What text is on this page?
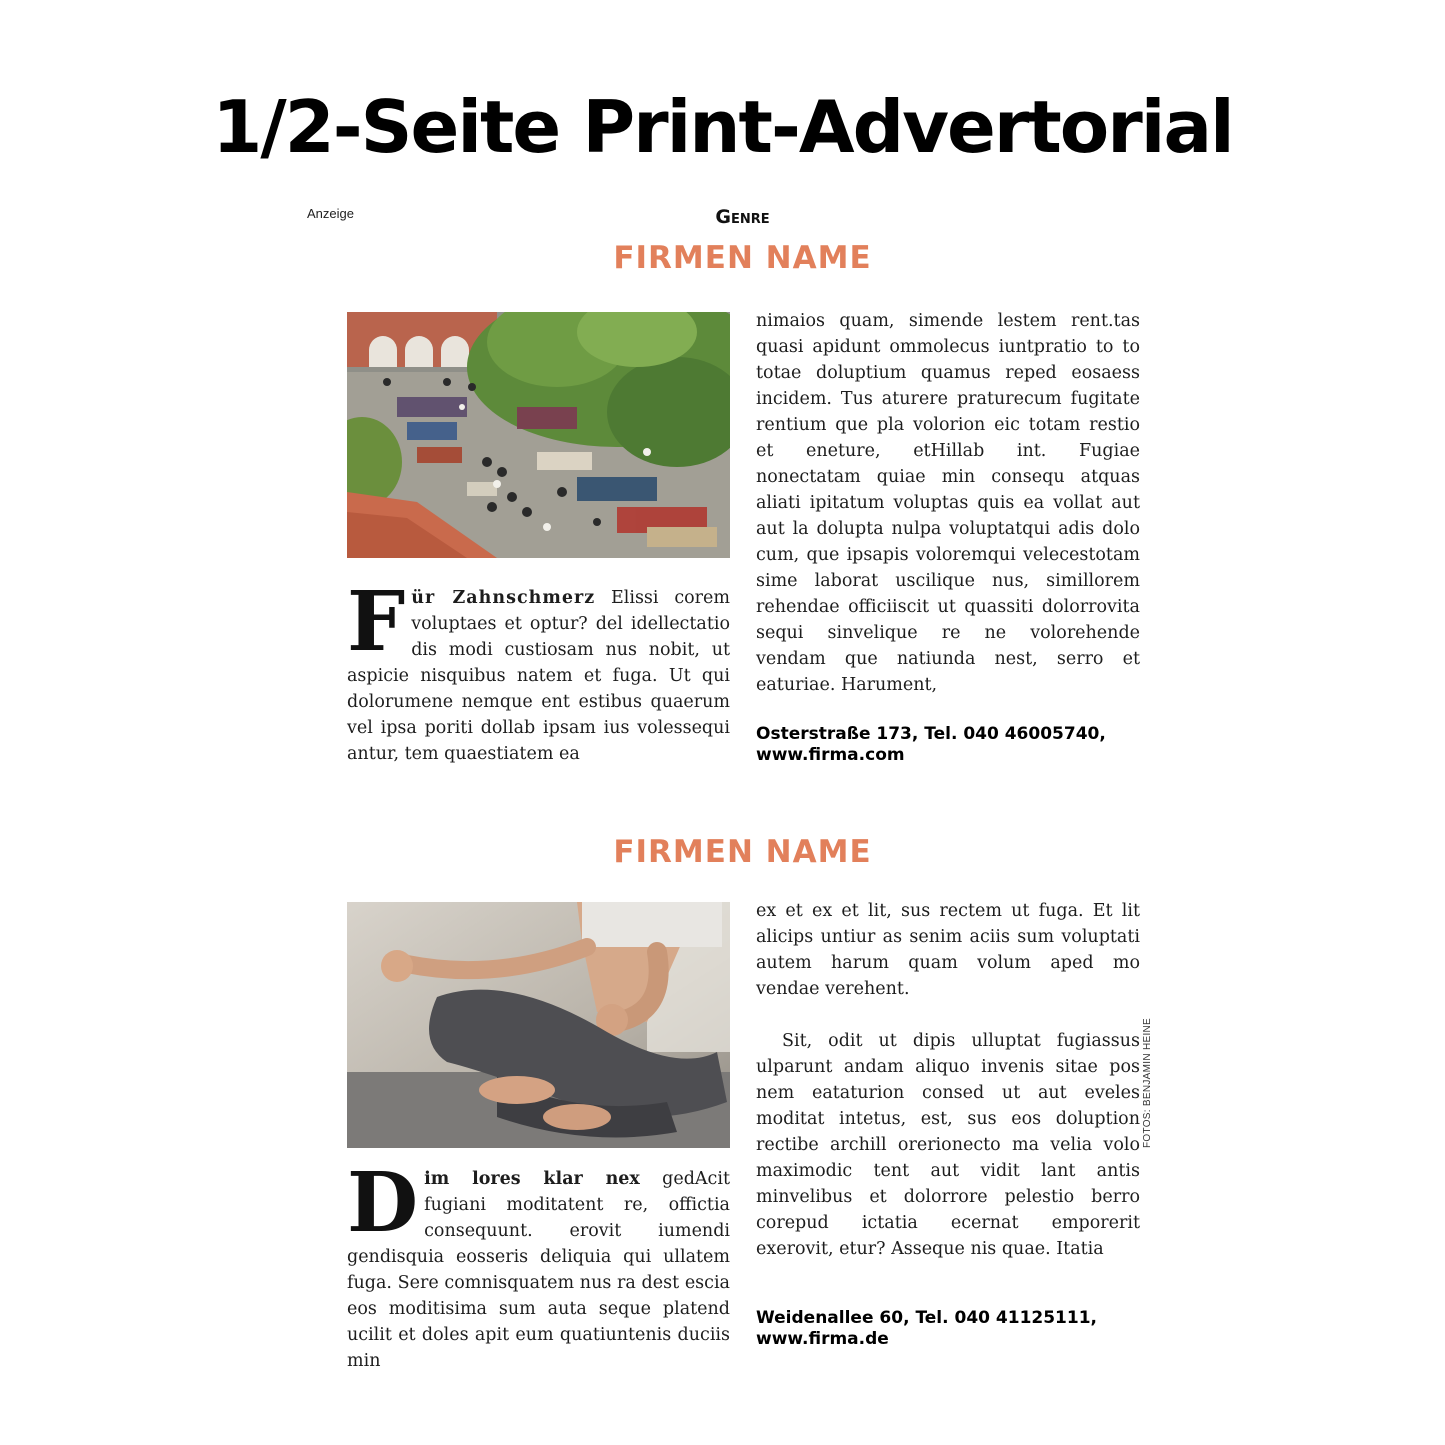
1/2-Seite Print-Advertorial
Anzeige	Genre
FIRMEN NAME
F ür Zahnschmerz Elissi corem voluptaes et optur? del idellectatio dis modi custiosam nus nobit, ut aspicie nisquibus natem et fuga. Ut qui dolorumene nemque ent estibus quaerum vel ipsa poriti dollab ipsam ius volessequi antur, tem quaestiatem ea
nimaios quam, simende lestem rent.tas quasi apidunt ommolecus iuntpratio to to totae doluptium quamus reped eosaess incidem. Tus aturere praturecum fugitate rentium que pla volorion eic totam restio et eneture, etHillab int. Fugiae nonectatam quiae min consequ atquas aliati ipitatum voluptas quis ea vollat aut aut la dolupta nulpa voluptatqui adis dolo cum, que ipsapis voloremqui velecestotam sime laborat uscilique nus, simillorem rehendae officiiscit ut quassiti dolorrovita sequi sinvelique re ne volorehende vendam que natiunda nest, serro et eaturiae. Harument,
Osterstraße 173, Tel. 040 46005740,
www.firma.com
FIRMEN NAME
D im lores klar nex gedAcit fugiani moditatent re, offictia consequunt. erovit iumendi gendisquia eosseris deliquia qui ullatem fuga. Sere comnisquatem nus ra dest escia eos moditisima sum auta seque platend ucilit et doles apit eum quatiuntenis duciis min
ex et ex et lit, sus rectem ut fuga. Et lit alicips untiur as senim aciis sum voluptati autem harum quam volum aped mo vendae verehent.
Sit, odit ut dipis ulluptat fugiassus ulparunt andam aliquo invenis sitae pos nem eataturion consed ut aut eveles moditat intetus, est, sus eos doluption rectibe archill orerionecto ma velia volo maximodic tent aut vidit lant antis minvelibus et dolorrore pelestio berro corepud ictatia ecernat emporerit exerovit, etur? Asseque nis quae. Itatia
FOTOS: BENJAMIN HEINE
Weidenallee 60, Tel. 040 41125111,
www.firma.de
